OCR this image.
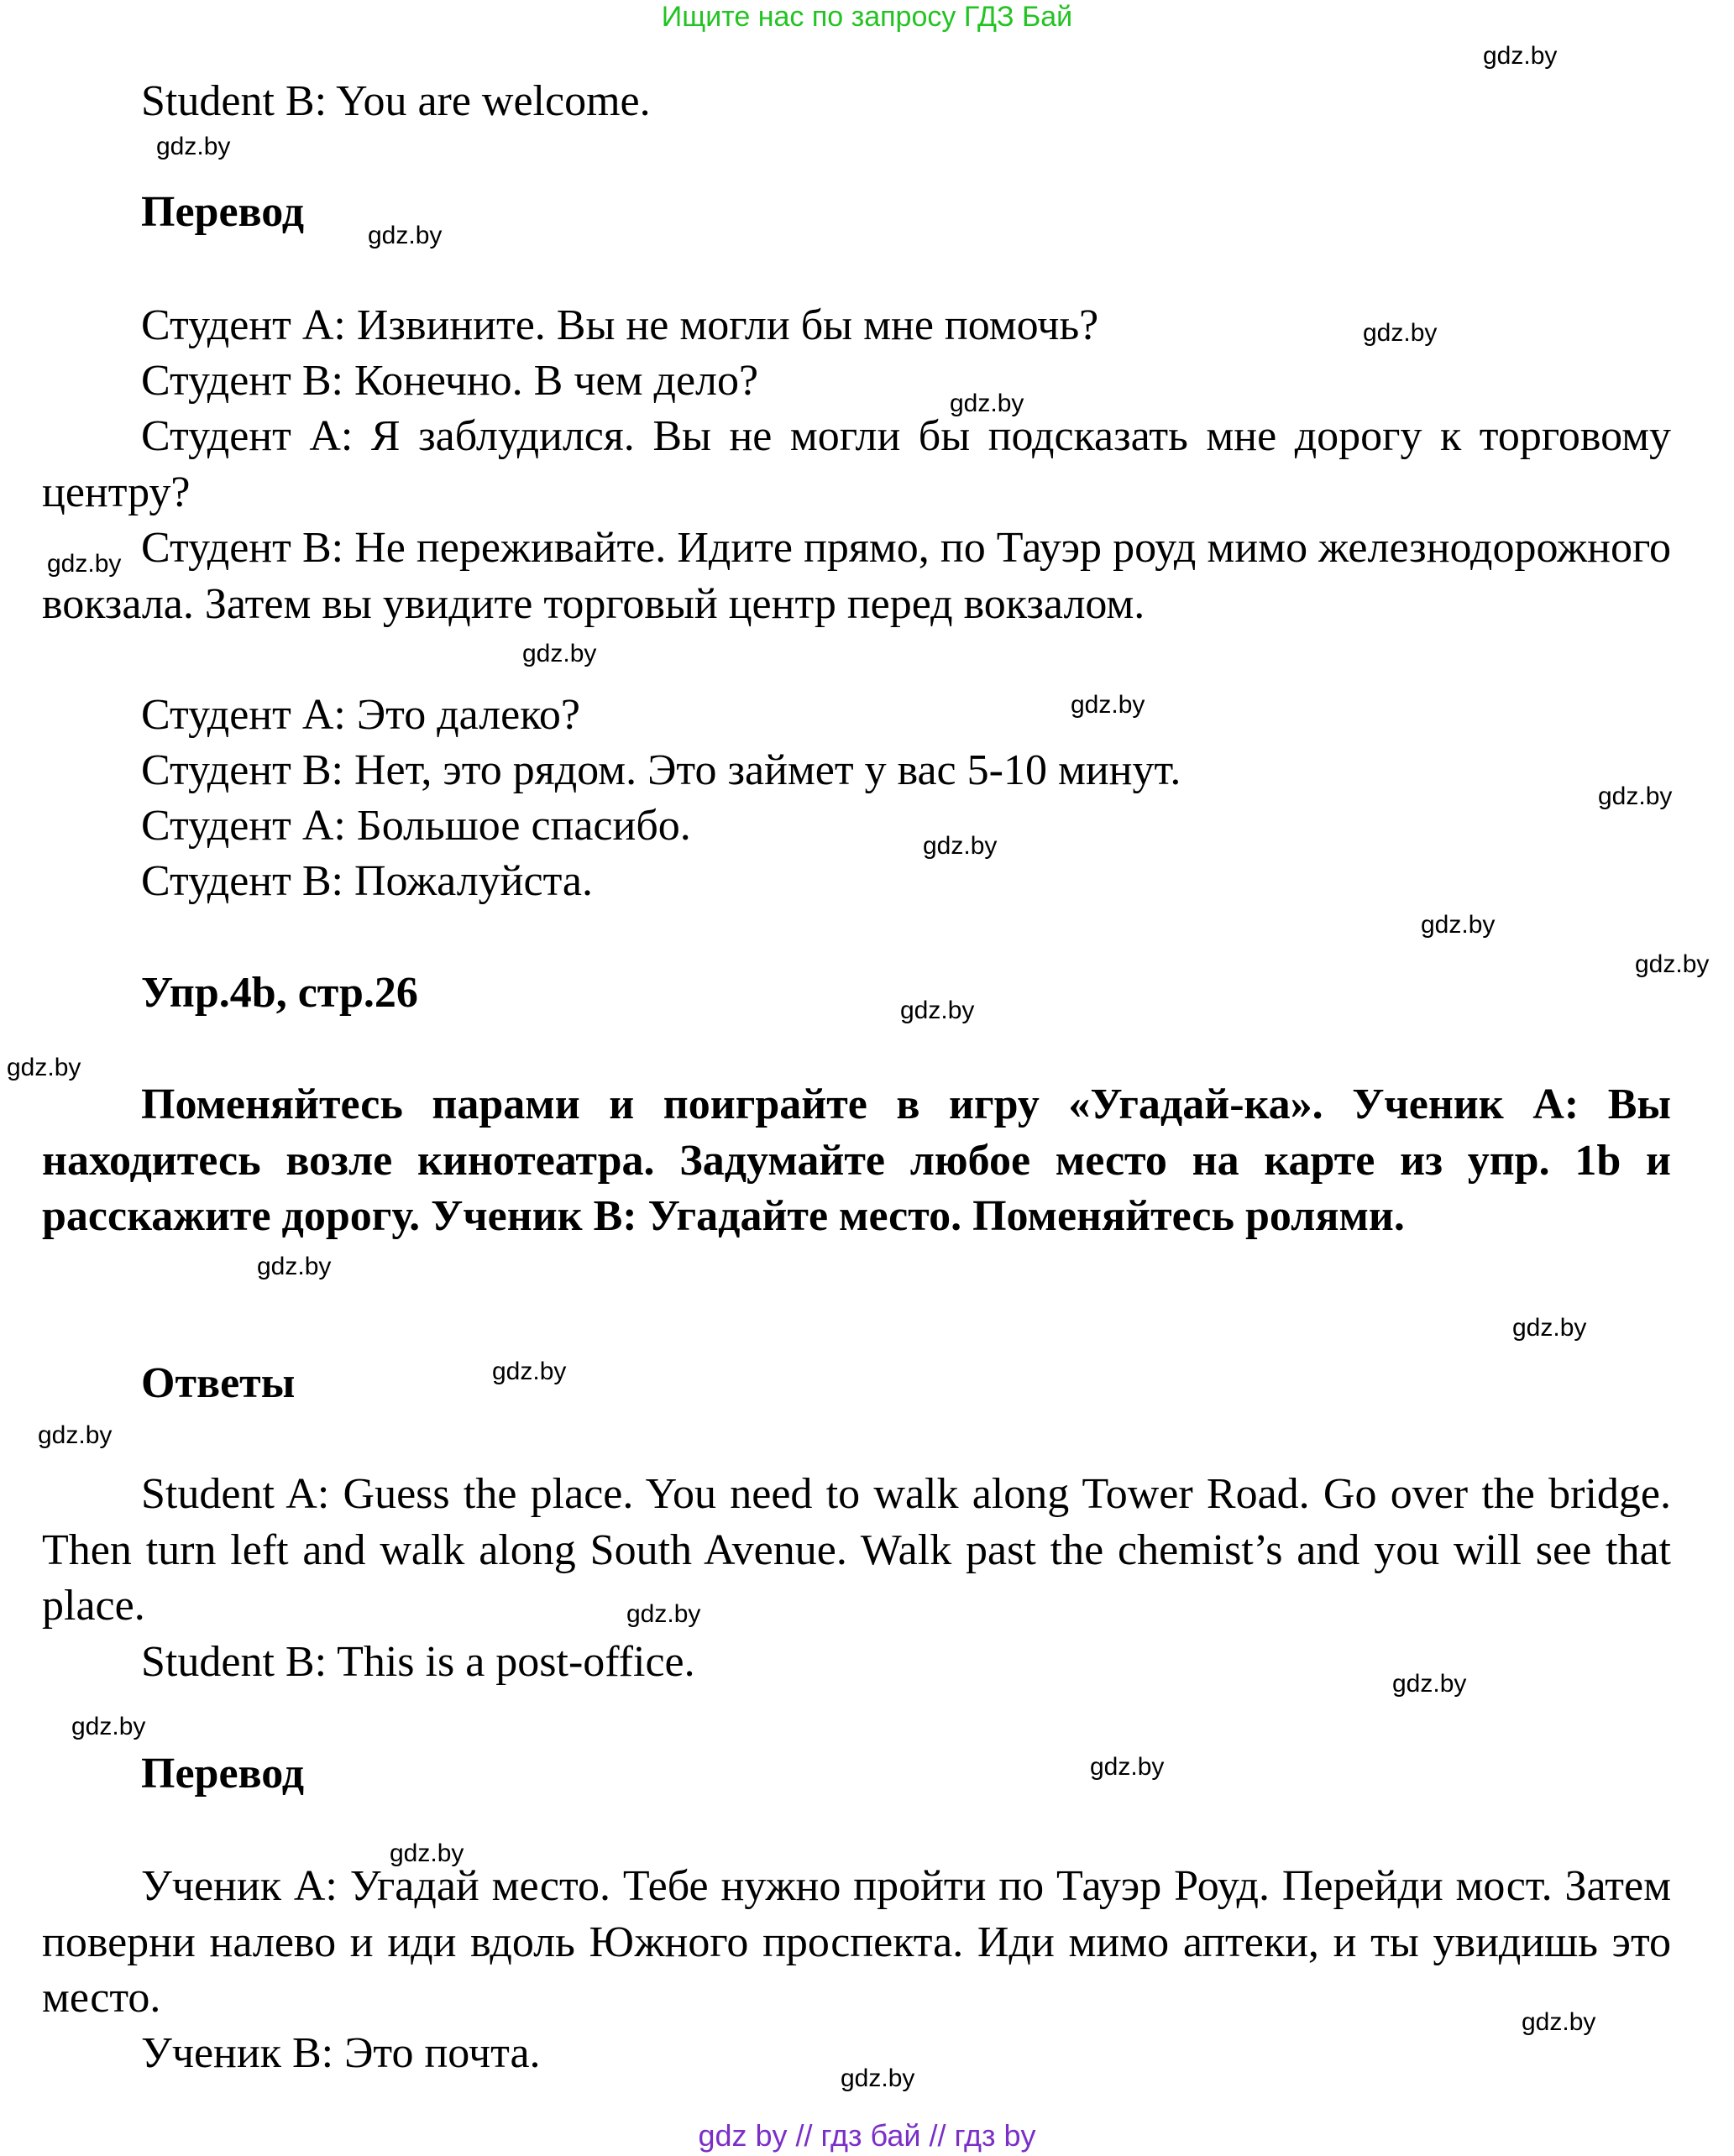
Ищите нас по запросу ГДЗ Бай
Student B: You are welcome.
Перевод
Студент А: Извините. Вы не могли бы мне помочь?
Студент В: Конечно. В чем дело?
Студент А: Я заблудился. Вы не могли бы подсказать мне дорогу к торговому центру?
Студент В: Не переживайте. Идите прямо, по Тауэр роуд мимо железнодорожного вокзала. Затем вы увидите торговый центр перед вокзалом.
Студент А: Это далеко?
Студент В: Нет, это рядом. Это займет у вас 5-10 минут.
Студент А: Большое спасибо.
Студент В: Пожалуйста.
Упр.4b, стр.26
Поменяйтесь парами и поиграйте в игру «Угадай-ка». Ученик А: Вы находитесь возле кинотеатра. Задумайте любое место на карте из упр. 1b и расскажите дорогу. Ученик В: Угадайте место. Поменяйтесь ролями.
Ответы
Student A: Guess the place. You need to walk along Tower Road. Go over the bridge. Then turn left and walk along South Avenue. Walk past the chemist’s and you will see that place.
Student B: This is a post-office.
Перевод
Ученик А: Угадай место. Тебе нужно пройти по Тауэр Роуд. Перейди мост. Затем поверни налево и иди вдоль Южного проспекта. Иди мимо аптеки, и ты увидишь это место.
Ученик В: Это почта.
gdz.by
gdz.by
gdz.by
gdz.by
gdz.by
gdz.by
gdz.by
gdz.by
gdz.by
gdz.by
gdz.by
gdz.by
gdz.by
gdz.by
gdz.by
gdz.by
gdz.by
gdz.by
gdz.by
gdz.by
gdz.by
gdz.by
gdz.by
gdz.by
gdz.by
gdz by // гдз бай // гдз by
